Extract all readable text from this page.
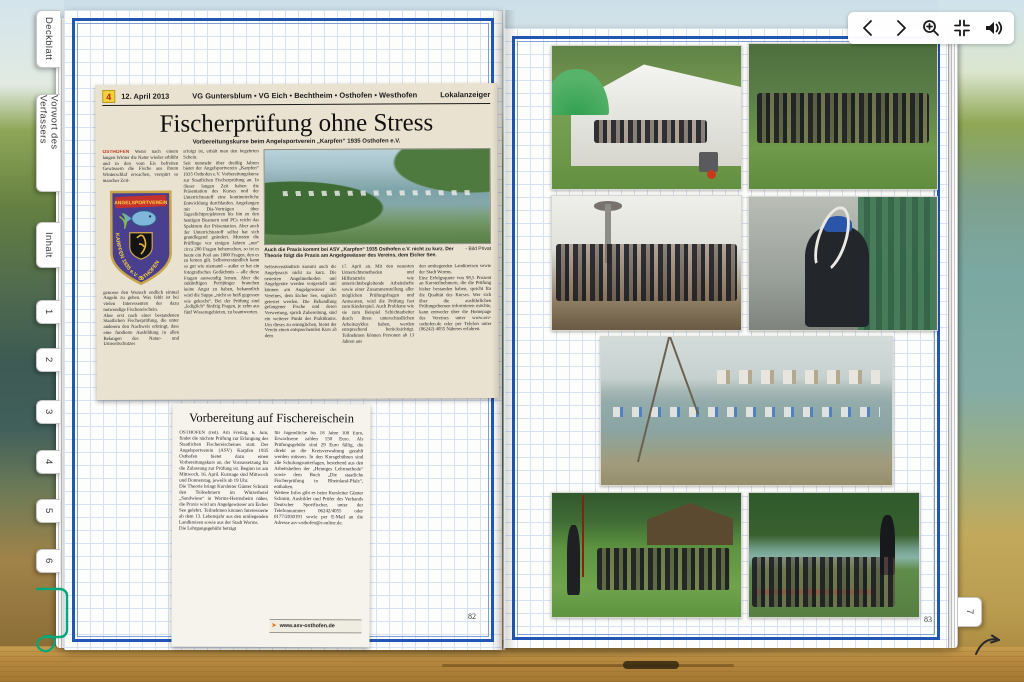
4	12. April 2013	VG Guntersblum • VG Eich • Bechtheim • Osthofen • Westhofen	Lokalanzeiger
Fischerprüfung ohne Stress
Vorbereitungskurse beim Angelsportverein „Karpfen“ 1935 Osthofen e.V.
OSTHOFEN Wenn nach einem langen Winter die Natur wieder erblüht und in den vom Eis befreiten Gewässern die Fische aus ihrem Winterschlaf erwachen, verspürt so mancher Zeit-
ANGELSPORTVEREIN
KARPFEN 1935 e.V. OSTHOFEN
genosse den Wunsch endlich einmal Angeln zu gehen. Was fehlt ist bei vielen Interessenten der dazu notwendige Fischereischein.
Aber erst nach einer bestandenen Staatlichen Fischerprüfung, die unter anderem den Nachweis erbringt, dass eine fundierte Ausbildung in allen Belangen des Natur- und Umweltschutzes
erfolgt ist, erhält man den begehrten Schein.
Seit nunmehr über dreißig Jahren bietet der Angelsportverein „Karpfen“ 1935 Osthofen e.V. Vorbereitungskurse zur Staatlichen Fischerprüfung an. In dieser langen Zeit haben die Präsentation des Kurses und der Unterrichtsstoff eine kontinuierliche Entwicklung durchlaufen. Angefangen mit Dia-Vorträgen über Tageslichtprojektoren bis hin zu den heutigen Beamern und PCs reicht das Spektrum der Präsentation. Aber auch der Unterrichtsstoff selbst hat sich grundlegend geändert. Mussten die Prüflinge vor einigen Jahren „nur“ circa 280 Fragen beherrschen, so ist es heute ein Pool aus 1000 Fragen, den es zu lernen gilt. Selbstverständlich kann so gut wie niemand – außer er hat ein fotografisches Gedächtnis – alle diese Fragen auswendig lernen. Aber die zukünftigen Petrijünger brauchen keine Angst zu haben, bekanntlich wird die Suppe „nicht so heiß gegessen wie gekocht“. Bei der Prüfung sind „lediglich“ fünfzig Fragen, je zehn aus fünf Wissensgebieten, zu beantworten.
- Bild Privat
Auch die Praxis kommt bei ASV „Karpfen“ 1935 Osthofen e.V. nicht zu kurz. Der Theorie folgt die Praxis am Angelgewässer des Vereins, dem Eicher See.
Selbstverständlich kommt auch die Angelpraxis nicht zu kurz. Die neuesten Angelmethoden und Angelgeräte werden vorgestellt und können am Angelgewässer des Vereines, dem Eicher See, sogleich getestet werden. Die Behandlung gefangener Fische und deren Verwertung, sprich Zubereitung, sind ein weiterer Punkt des Praktikums. Um dieses zu ermöglichen, bietet der Verein einen entsprechenden Kurs ab dem
17. April an. Mit den neuesten Unterrichtsmethoden und Hilfsmitteln wie unterrichtsbegleitende Arbeitshefte sowie einer Zusammenstellung aller möglichen Prüfungsfragen und Antworten, wird die Prüfung fast zum Kinderspiel. Auch Probleme wie sie zum Beispiel Schichtarbeiter durch ihren unterschiedlichen Arbeitszyklus haben, werden entsprechend berücksichtigt. Teilnehmen können Personen ab 13 Jahren aus
den umliegenden Landkreisen sowie der Stadt Worms.
Eine Erfolgsquote von 98,5 Prozent an Kursteilnehmern, die die Prüfung bisher bestanden haben, spricht für die Qualität des Kurses. Wer sich über die ausführlichen Prüfungsthemen informieren möchte, kann entweder über die Homepage des Vereines unter www.asv-osthofen.de oder per Telefon unter (06242) 4055 Näheres erfahren.
Vorbereitung auf Fischereischein
OSTHOFEN (red). Am Freitag, 6. Juni, findet die nächste Prüfung zur Erlangung des Staatlichen Fischereischeines statt. Der Angelsportverein (ASV) Karpfen 1935 Osthofen bietet dazu einen Vorbereitungskurs an, der Voraussetzung für die Zulassung zur Prüfung ist. Beginn ist am Mittwoch, 16. April. Kurstage sind Mittwoch und Donnerstag, jeweils ab 19 Uhr.
Die Theorie bringt Kursleiter Günter Schmitt den Teilnehmern im Winzerhotel „Sandwiese“ in Worms-Herrnsheim näher, die Praxis wird am Angelgewässer am Eicher See gelehrt. Teilnehmen können Interessierte ab dem 13. Lebensjahr aus den umliegenden Landkreisen sowie aus der Stadt Worms.
Die Lehrgangsgebühr beträgt
für Jugendliche bis 18 Jahre 100 Euro, Erwachsene zahlen 150 Euro. Als Prüfungsgebühr sind 29 Euro fällig, die direkt an die Kreisverwaltung gezahlt werden müssen. In den Kursgebühren sind alle Schulungsunterlagen, bestehend aus den Arbeitsheften der „Heintges Lehrmethode“ sowie dem Buch „Die staatliche Fischerprüfung in Rheinland-Pfalz“, enthalten.
Weitere Infos gibt es beim Kursleiter Günter Schmitt, Ausbilder und Prüfer des Verbands Deutscher Sportfischer, unter der Telefonnummer 06242/4055 oder 0177/2030191 sowie per E-Mail an die Adresse asv-osthofen@t-online.de.
➤ www.asv-osthofen.de
82	83
Deckblatt
Vorwort des Verfassers
Inhalt
1
2
3
4
5
6
7
